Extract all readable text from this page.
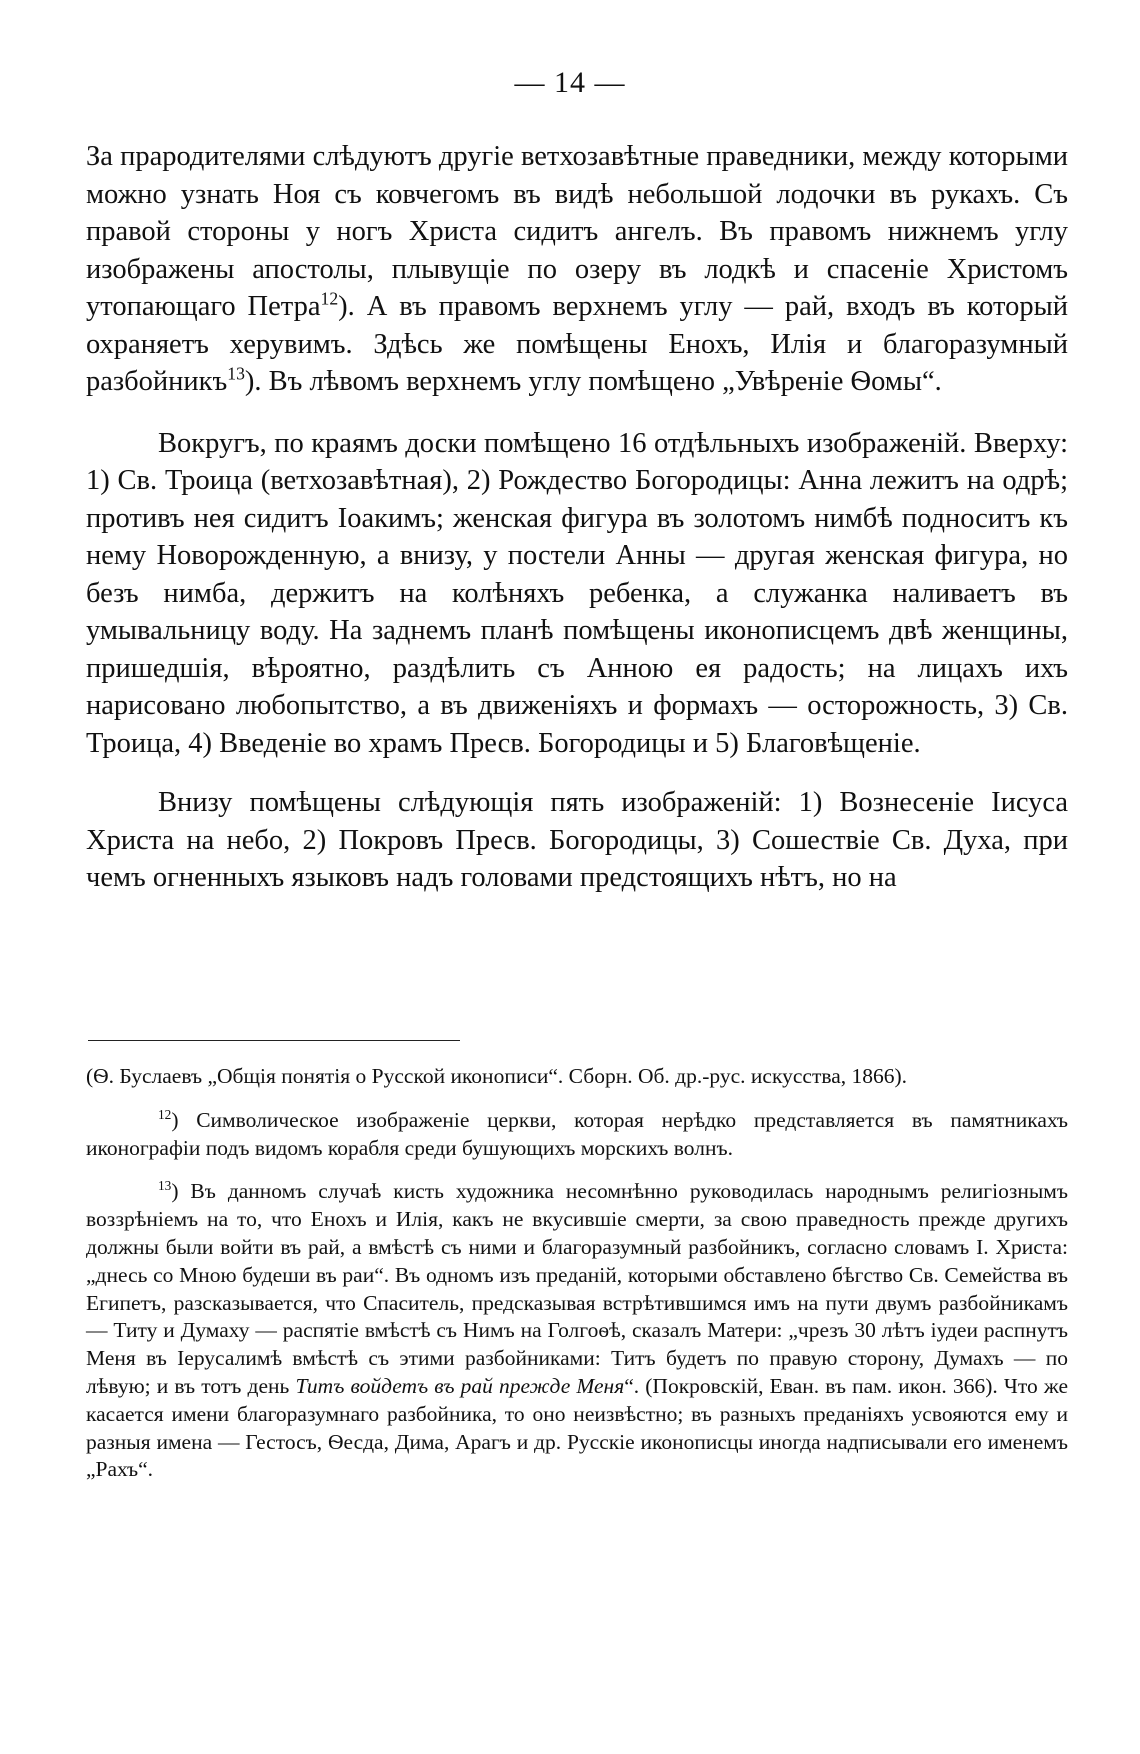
— 14 —

За прародителями слѣдуютъ другіе ветхозавѣтные праведники, между которыми можно узнать Ноя съ ковчегомъ въ видѣ небольшой лодочки въ рукахъ. Съ правой стороны у ногъ Христа сидитъ ангелъ. Въ правомъ нижнемъ углу изображены апостолы, плывущіе по озеру въ лодкѣ и спасеніе Христомъ утопающаго Петра$^{12}$). А въ правомъ верхнемъ углу — рай, входъ въ который охраняетъ херувимъ. Здѣсь же помѣщены Енохъ, Илія и благоразумный разбойникъ$^{13}$). Въ лѣвомъ верхнемъ углу помѣщено „Увѣреніе Ѳомы“.

Вокругъ, по краямъ доски помѣщено 16 отдѣльныхъ изображеній. Вверху: 1) Св. Троица (ветхозавѣтная), 2) Рождество Богородицы: Анна лежитъ на одрѣ; противъ нея сидитъ Іоакимъ; женская фигура въ золотомъ нимбѣ подноситъ къ нему Новорожденную, а внизу, у постели Анны — другая женская фигура, но безъ нимба, держитъ на колѣняхъ ребенка, а служанка наливаетъ въ умывальницу воду. На заднемъ планѣ помѣщены иконописцемъ двѣ женщины, пришедшія, вѣроятно, раздѣлить съ Анною ея радость; на лицахъ ихъ нарисовано любопытство, а въ движеніяхъ и формахъ — осторожность, 3) Св. Троица, 4) Введеніе во храмъ Пресв. Богородицы и 5) Благовѣщеніе.

Внизу помѣщены слѣдующія пять изображеній: 1) Вознесеніе Іисуса Христа на небо, 2) Покровъ Пресв. Богородицы, 3) Сошествіе Св. Духа, при чемъ огненныхъ языковъ надъ головами предстоящихъ нѣтъ, но на

(Ѳ. Буслаевъ „Общія понятія о Русской иконописи“. Сборн. Об. др.-рус. искусства, 1866).

$^{12}$) Символическое изображеніе церкви, которая нерѣдко представляется въ памятникахъ иконографіи подъ видомъ корабля среди бушующихъ морскихъ волнъ.

$^{13}$) Въ данномъ случаѣ кисть художника несомнѣнно руководилась народнымъ религіознымъ воззрѣніемъ на то, что Енохъ и Илія, какъ не вкусившіе смерти, за свою праведность прежде другихъ должны были войти въ рай, а вмѣстѣ съ ними и благоразумный разбойникъ, согласно словамъ І. Христа: „днесь со Мною будеши въ раи“. Въ одномъ изъ преданій, которыми обставлено бѣгство Св. Семейства въ Египетъ, разсказывается, что Спаситель, предсказывая встрѣтившимся имъ на пути двумъ разбойникамъ — Титу и Думаху — распятіе вмѣстѣ съ Нимъ на Голгоѳѣ, сказалъ Матери: „чрезъ 30 лѣтъ іудеи распнутъ Меня въ Іерусалимѣ вмѣстѣ съ этими разбойниками: Титъ будетъ по правую сторону, Думахъ — по лѣвую; и въ тотъ день Титъ войдетъ въ рай прежде Меня“. (Покровскій, Еван. въ пам. икон. 366). Что же касается имени благоразумнаго разбойника, то оно неизвѣстно; въ разныхъ преданіяхъ усвояются ему и разныя имена — Гестосъ, Ѳесда, Дима, Арагъ и др. Русскіе иконописцы иногда надписывали его именемъ „Рахъ“.
